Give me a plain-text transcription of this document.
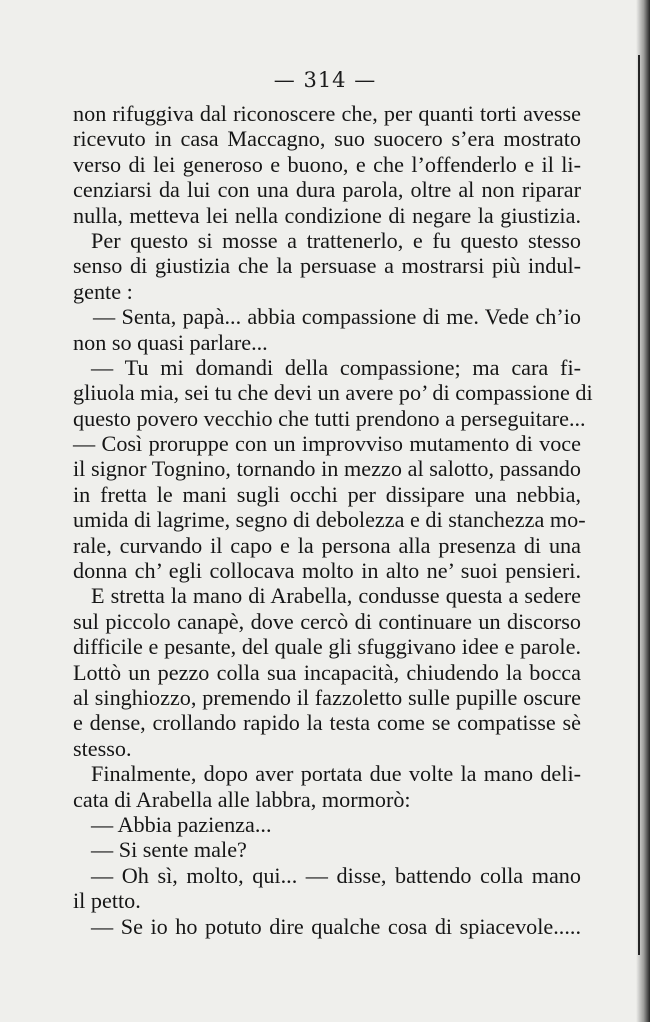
— 314 —
non rifuggiva dal riconoscere che, per quanti torti avesse
ricevuto in casa Maccagno, suo suocero s’era mostrato
verso di lei generoso e buono, e che l’offenderlo e il li-
cenziarsi da lui con una dura parola, oltre al non riparar
nulla, metteva lei nella condizione di negare la giustizia.
Per questo si mosse a trattenerlo, e fu questo stesso
senso di giustizia che la persuase a mostrarsi più indul-
gente :
— Senta, papà... abbia compassione di me. Vede ch’io
non so quasi parlare...
— Tu mi domandi della compassione; ma cara fi-
gliuola mia, sei tu che devi un avere po’ di compassione di
questo povero vecchio che tutti prendono a perseguitare...
— Così proruppe con un improvviso mutamento di voce
il signor Tognino, tornando in mezzo al salotto, passando
in fretta le mani sugli occhi per dissipare una nebbia,
umida di lagrime, segno di debolezza e di stanchezza mo-
rale, curvando il capo e la persona alla presenza di una
donna ch’ egli collocava molto in alto ne’ suoi pensieri.
E stretta la mano di Arabella, condusse questa a sedere
sul piccolo canapè, dove cercò di continuare un discorso
difficile e pesante, del quale gli sfuggivano idee e parole.
Lottò un pezzo colla sua incapacità, chiudendo la bocca
al singhiozzo, premendo il fazzoletto sulle pupille oscure
e dense, crollando rapido la testa come se compatisse sè
stesso.
Finalmente, dopo aver portata due volte la mano deli-
cata di Arabella alle labbra, mormorò:
— Abbia pazienza...
— Si sente male?
— Oh sì, molto, qui... — disse, battendo colla mano
il petto.
— Se io ho potuto dire qualche cosa di spiacevole.....
